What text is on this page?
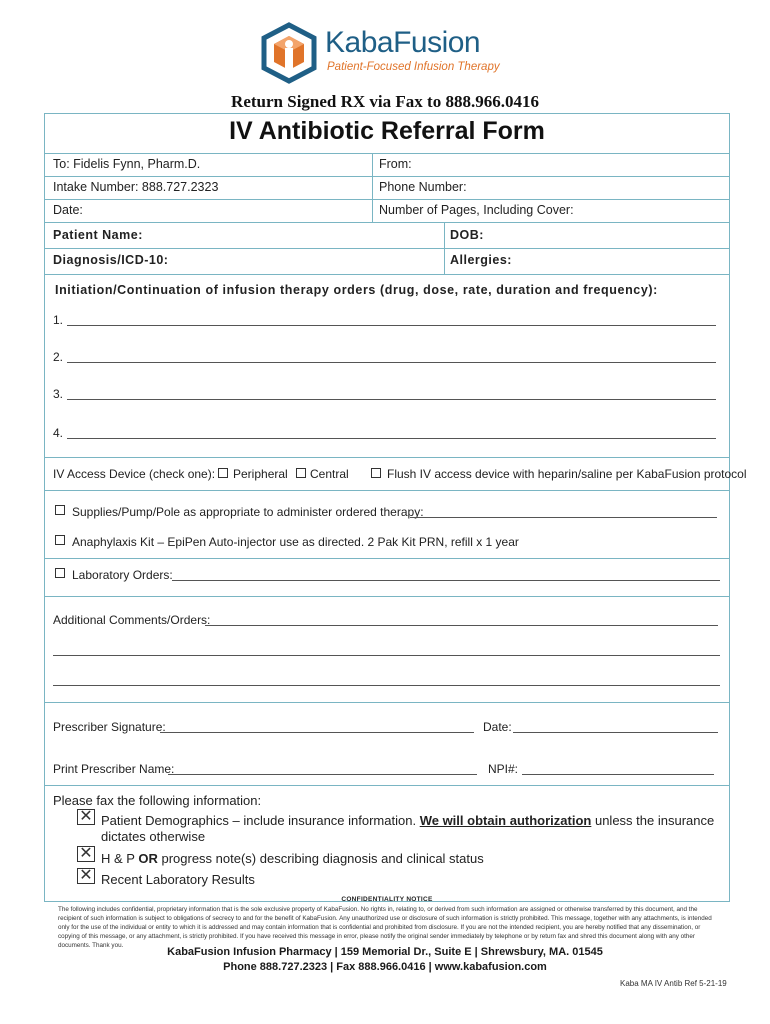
KabaFusion
Patient-Focused Infusion Therapy
Return Signed RX via Fax to 888.966.0416
IV Antibiotic Referral Form
To: Fidelis Fynn, Pharm.D.	From:
Intake Number: 888.727.2323	Phone Number:
Date:	Number of Pages, Including Cover:
Patient Name:	DOB:
Diagnosis/ICD-10:	Allergies:
Initiation/Continuation of infusion therapy orders (drug, dose, rate, duration and frequency):
1.
2.
3.
4.
IV Access Device (check one): Peripheral Central	Flush IV access device with heparin/saline per KabaFusion protocol
Supplies/Pump/Pole as appropriate to administer ordered therapy:
Anaphylaxis Kit – EpiPen Auto-injector use as directed. 2 Pak Kit PRN, refill x 1 year
Laboratory Orders:
Additional Comments/Orders:
Prescriber Signature:	Date:
Print Prescriber Name:	NPI#:
Please fax the following information:
✕ Patient Demographics – include insurance information. We will obtain authorization unless the insurance
dictates otherwise
✕ H & P OR progress note(s) describing diagnosis and clinical status
✕ Recent Laboratory Results
CONFIDENTIALITY NOTICE
The following includes confidential, proprietary information that is the sole exclusive property of KabaFusion. No rights in, relating to, or derived from such information are assigned or otherwise transferred by this document, and the recipient of such information is subject to obligations of secrecy to and for the benefit of KabaFusion. Any unauthorized use or disclosure of such information is strictly prohibited. This message, together with any attachments, is intended only for the use of the individual or entity to which it is addressed and may contain information that is confidential and prohibited from disclosure. If you are not the intended recipient, you are hereby notified that any dissemination, or copying of this message, or any attachment, is strictly prohibited. If you have received this message in error, please notify the original sender immediately by telephone or by return fax and shred this document along with any other documents. Thank you.
KabaFusion Infusion Pharmacy | 159 Memorial Dr., Suite E | Shrewsbury, MA. 01545
Phone 888.727.2323 | Fax 888.966.0416 | www.kabafusion.com
Kaba MA IV Antib Ref 5-21-19
